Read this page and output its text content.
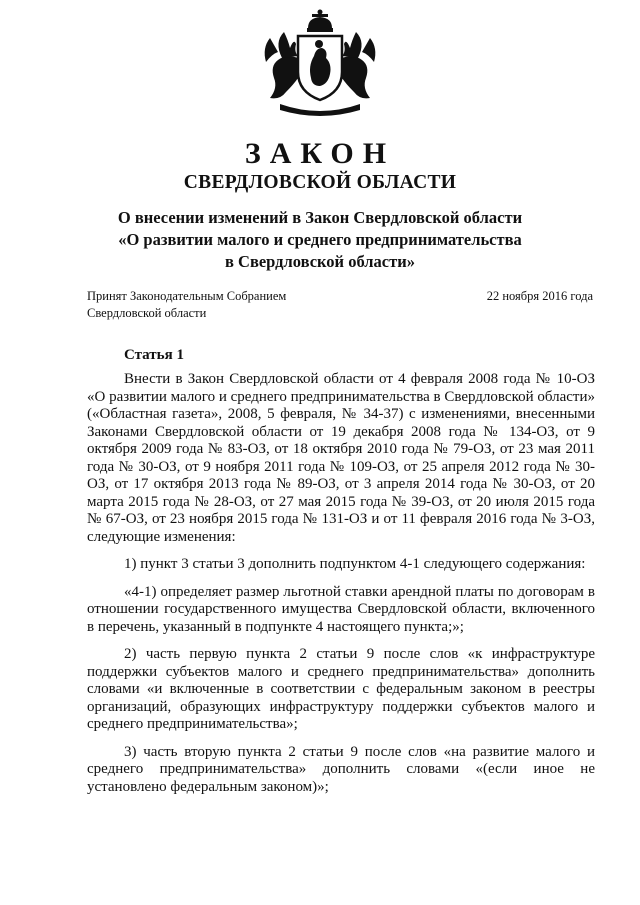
ЗАКОН
СВЕРДЛОВСКОЙ ОБЛАСТИ
О внесении изменений в Закон Свердловской области
«О развитии малого и среднего предпринимательства
в Свердловской области»
Принят Законодательным Собранием
Свердловской области
22 ноября 2016 года
Статья 1
Внести в Закон Свердловской области от 4 февраля 2008 года № 10-ОЗ «О развитии малого и среднего предпринимательства в Свердловской области» («Областная газета», 2008, 5 февраля, № 34-37) с изменениями, внесенными Законами Свердловской области от 19 декабря 2008 года № 134-ОЗ, от 9 октября 2009 года № 83-ОЗ, от 18 октября 2010 года № 79-ОЗ, от 23 мая 2011 года № 30-ОЗ, от 9 ноября 2011 года № 109-ОЗ, от 25 апреля 2012 года № 30-ОЗ, от 17 октября 2013 года № 89-ОЗ, от 3 апреля 2014 года № 30-ОЗ, от 20 марта 2015 года № 28-ОЗ, от 27 мая 2015 года № 39-ОЗ, от 20 июля 2015 года № 67-ОЗ, от 23 ноября 2015 года № 131-ОЗ и от 11 февраля 2016 года № 3-ОЗ, следующие изменения:
1) пункт 3 статьи 3 дополнить подпунктом 4-1 следующего содержания:
«4-1) определяет размер льготной ставки арендной платы по договорам в отношении государственного имущества Свердловской области, включенного в перечень, указанный в подпункте 4 настоящего пункта;»;
2) часть первую пункта 2 статьи 9 после слов «к инфраструктуре поддержки субъектов малого и среднего предпринимательства» дополнить словами «и включенные в соответствии с федеральным законом в реестры организаций, образующих инфраструктуру поддержки субъектов малого и среднего предпринимательства»;
3) часть вторую пункта 2 статьи 9 после слов «на развитие малого и среднего предпринимательства» дополнить словами «(если иное не установлено федеральным законом)»;
